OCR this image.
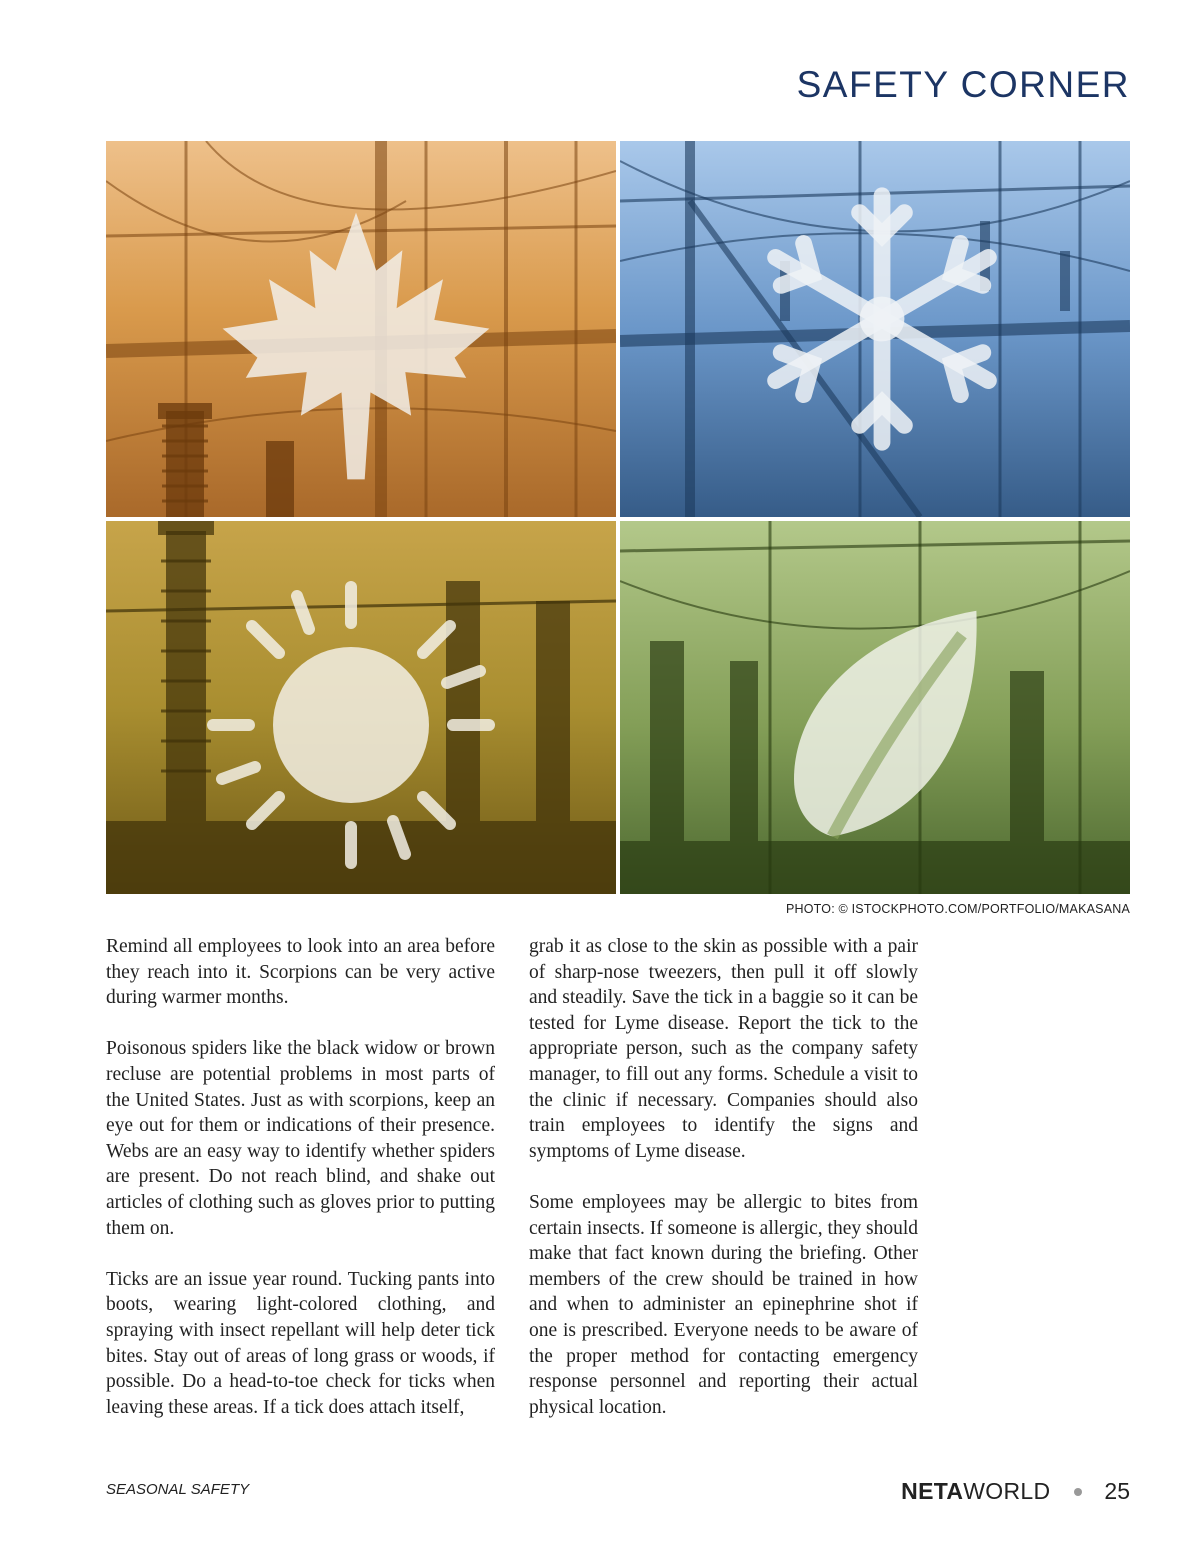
SAFETY CORNER

PHOTO: © ISTOCKPHOTO.COM/PORTFOLIO/MAKASANA

Remind all employees to look into an area before they reach into it. Scorpions can be very active during warmer months.

Poisonous spiders like the black widow or brown recluse are potential problems in most parts of the United States. Just as with scorpions, keep an eye out for them or indications of their presence. Webs are an easy way to identify whether spiders are present. Do not reach blind, and shake out articles of clothing such as gloves prior to putting them on.

Ticks are an issue year round. Tucking pants into boots, wearing light-colored clothing, and spraying with insect repellant will help deter tick bites. Stay out of areas of long grass or woods, if possible. Do a head-to-toe check for ticks when leaving these areas. If a tick does attach itself,

grab it as close to the skin as possible with a pair of sharp-nose tweezers, then pull it off slowly and steadily. Save the tick in a baggie so it can be tested for Lyme disease. Report the tick to the appropriate person, such as the company safety manager, to fill out any forms. Schedule a visit to the clinic if necessary. Companies should also train employees to identify the signs and symptoms of Lyme disease.

Some employees may be allergic to bites from certain insects. If someone is allergic, they should make that fact known during the briefing. Other members of the crew should be trained in how and when to administer an epinephrine shot if one is prescribed. Everyone needs to be aware of the proper method for contacting emergency response personnel and reporting their actual physical location.

SEASONAL SAFETY	NETAWORLD 25
